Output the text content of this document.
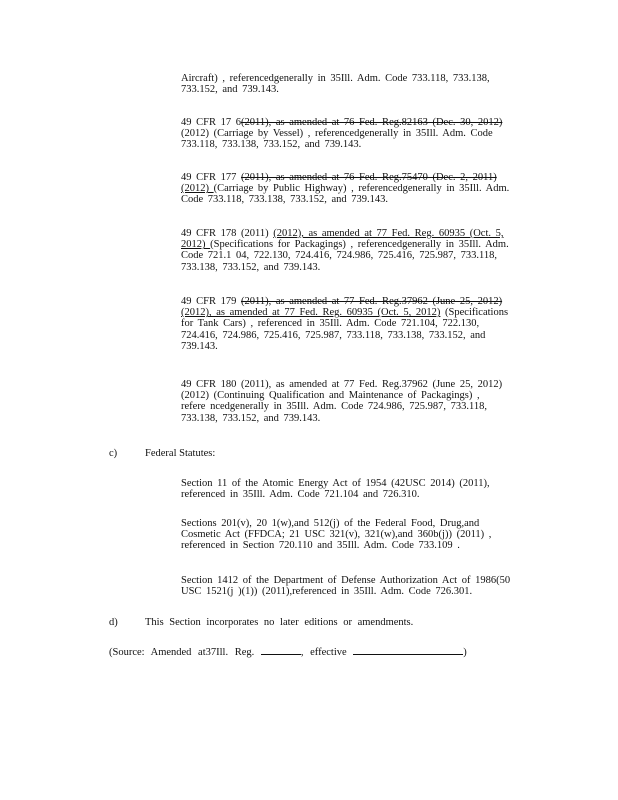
Aircraft) , referencedgenerally in 35Ill. Adm. Code 733.118, 733.138,
733.152, and 739.143.
49 CFR 17 6(2011), as amended at 76 Fed. Reg.82163 (Dec. 30, 2012)
(2012) (Carriage by Vessel) , referencedgenerally in 35Ill. Adm. Code
733.118, 733.138, 733.152, and 739.143.
49 CFR 177 (2011), as amended at 76 Fed. Reg.75470 (Dec. 2, 2011)
(2012) (Carriage by Public Highway) , referencedgenerally in 35Ill. Adm.
Code 733.118, 733.138, 733.152, and 739.143.
49 CFR 178 (2011) (2012), as amended at 77 Fed. Reg. 60935 (Oct. 5,
2012) (Specifications for Packagings) , referencedgenerally in 35Ill. Adm.
Code 721.1 04, 722.130, 724.416, 724.986, 725.416, 725.987, 733.118,
733.138, 733.152, and 739.143.
49 CFR 179 (2011), as amended at 77 Fed. Reg.37962 (June 25, 2012)
(2012), as amended at 77 Fed. Reg. 60935 (Oct. 5, 2012) (Specifications
for Tank Cars) , referenced in 35Ill. Adm. Code 721.104, 722.130,
724.416, 724.986, 725.416, 725.987, 733.118, 733.138, 733.152, and
739.143.
49 CFR 180 (2011), as amended at 77 Fed. Reg.37962 (June 25, 2012)
(2012) (Continuing Qualification and Maintenance of Packagings) ,
refere ncedgenerally in 35Ill. Adm. Code 724.986, 725.987, 733.118,
733.138, 733.152, and 739.143.
c)	Federal Statutes:
Section 11 of the Atomic Energy Act of 1954 (42USC 2014) (2011),
referenced in 35Ill. Adm. Code 721.104 and 726.310.
Sections 201(v), 20 1(w),and 512(j) of the Federal Food, Drug,and
Cosmetic Act (FFDCA; 21 USC 321(v), 321(w),and 360b(j)) (2011) ,
referenced in Section 720.110 and 35Ill. Adm. Code 733.109 .
Section 1412 of the Department of Defense Authorization Act of 1986(50
USC 1521(j )(1)) (2011),referenced in 35Ill. Adm. Code 726.301.
d)	This Section incorporates no later editions or amendments.
(Source: Amended at37Ill. Reg.	, effective	)
